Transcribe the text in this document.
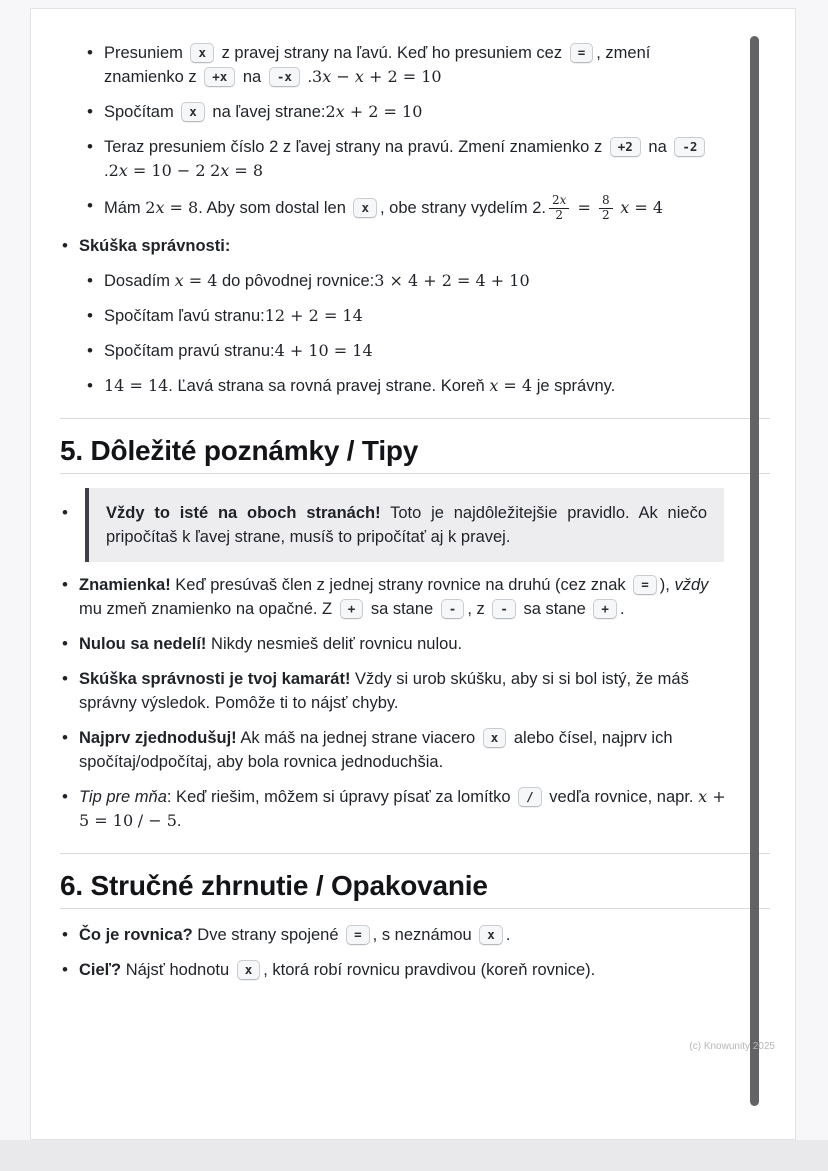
• Presuniem x z pravej strany na ľavú. Keď ho presuniem cez = , zmení znamienko z +x na -x .3x − x + 2 = 10
• Spočítam x na ľavej strane:2x + 2 = 10
• Teraz presuniem číslo 2 z ľavej strany na pravú. Zmení znamienko z +2 na -2 .2x = 10 − 2 2x = 8
• Mám 2x = 8. Aby som dostal len x , obe strany vydelím 2. $\frac{2x}{2} = \frac{8}{2}$ x = 4
• Skúška správnosti:
• Dosadím x = 4 do pôvodnej rovnice:3 × 4 + 2 = 4 + 10
• Spočítam ľavú stranu:12 + 2 = 14
• Spočítam pravú stranu:4 + 10 = 14
• 14 = 14. Ľavá strana sa rovná pravej strane. Koreň x = 4 je správny.
5. Dôležité poznámky / Tipy
• Vždy to isté na oboch stranách! Toto je najdôležitejšie pravidlo. Ak niečo pripočítaš k ľavej strane, musíš to pripočítať aj k pravej.
• Znamienka! Keď presúvaš člen z jednej strany rovnice na druhú (cez znak = ), vždy mu zmeň znamienko na opačné. Z + sa stane - , z - sa stane + .
• Nulou sa nedelí! Nikdy nesmieš deliť rovnicu nulou.
• Skúška správnosti je tvoj kamarát! Vždy si urob skúšku, aby si si bol istý, že máš správny výsledok. Pomôže ti to nájsť chyby.
• Najprv zjednodušuj! Ak máš na jednej strane viacero x alebo čísel, najprv ich spočítaj/odpočítaj, aby bola rovnica jednoduchšia.
• Tip pre mňa: Keď riešim, môžem si úpravy písať za lomítko / vedľa rovnice, napr. x + 5 = 10 / − 5.
6. Stručné zhrnutie / Opakovanie
• Čo je rovnica? Dve strany spojené = , s neznámou x .
• Cieľ? Nájsť hodnotu x , ktorá robí rovnicu pravdivou (koreň rovnice).
(c) Knowunity 2025
